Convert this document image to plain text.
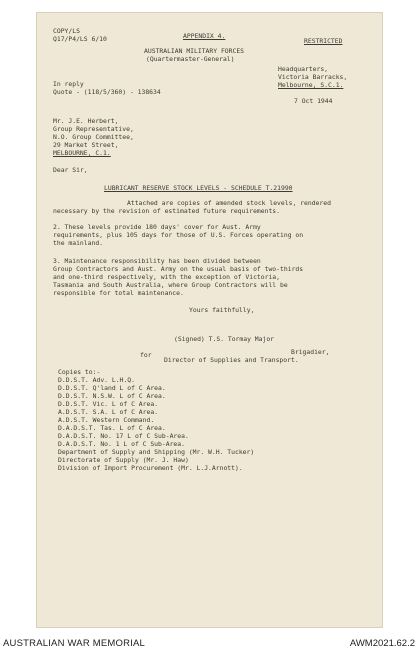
COPY/LS
Q17/P4/LS 6/10	APPENDIX 4.
RESTRICTED
AUSTRALIAN MILITARY FORCES
(Quartermaster-General)
Headquarters,
Victoria Barracks,
Melbourne, S.C.1.
In reply
Quote - (118/5/360) - 138634
7 Oct 1944
Mr. J.E. Herbert,
Group Representative,
N.O. Group Committee,
29 Market Street,
MELBOURNE, C.1.
Dear Sir,
LUBRICANT RESERVE STOCK LEVELS - SCHEDULE T.21990
Attached are copies of amended stock levels, rendered
necessary by the revision of estimated future requirements.
2. These levels provide 180 days' cover for Aust. Army
requirements, plus 105 days for those of U.S. Forces operating on
the mainland.
3. Maintenance responsibility has been divided between
Group Contractors and Aust. Army on the usual basis of two-thirds
and one-third respectively, with the exception of Victoria,
Tasmania and South Australia, where Group Contractors will be
responsible for total maintenance.
Yours faithfully,
(Signed) T.S. Tormay Major
Brigadier,
for
Director of Supplies and Transport.
Copies to:-
D.D.S.T. Adv. L.H.Q.
D.D.S.T. Q'land L of C Area.
D.D.S.T. N.S.W. L of C Area.
D.D.S.T. Vic. L of C Area.
A.D.S.T. S.A. L of C Area.
A.D.S.T. Western Command.
D.A.D.S.T. Tas. L of C Area.
D.A.D.S.T. No. 17 L of C Sub-Area.
D.A.D.S.T. No. 1 L of C Sub-Area.
Department of Supply and Shipping (Mr. W.H. Tucker)
Directorate of Supply (Mr. J. Haw)
Division of Import Procurement (Mr. L.J.Arnott).
AUSTRALIAN WAR MEMORIAL	AWM2021.62.2
